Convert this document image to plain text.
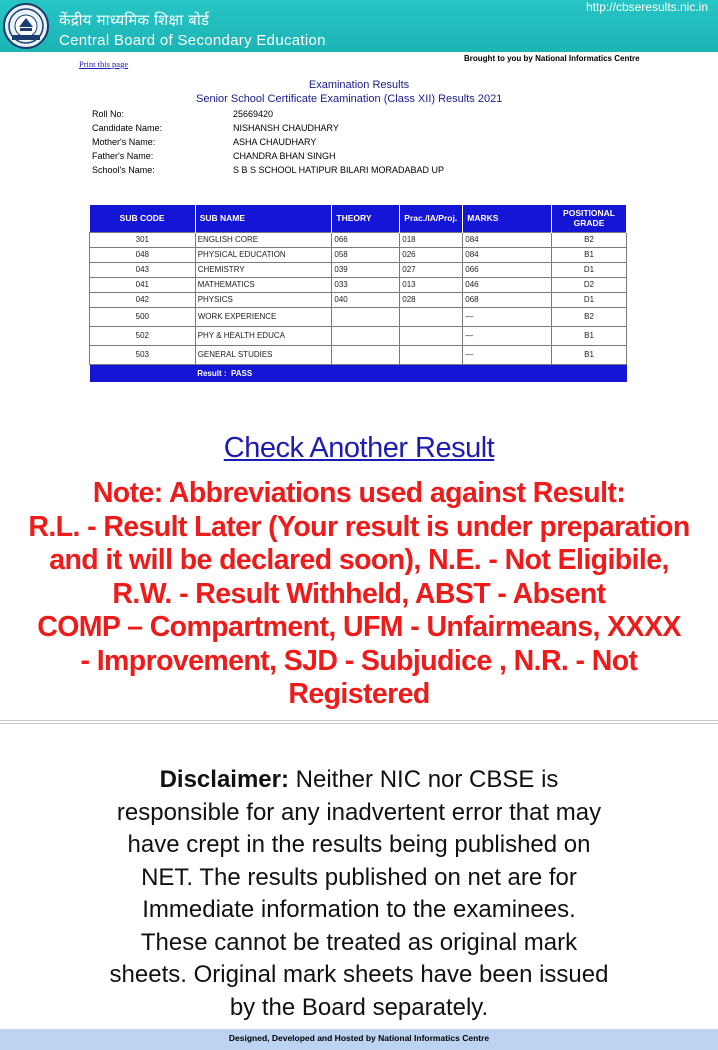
केंद्रीय माध्यमिक शिक्षा बोर्ड
Central Board of Secondary Education
http://cbseresults.nic.in
Print this page
Brought to you by National Informatics Centre
Examination Results
Senior School Certificate Examination (Class XII) Results 2021
Roll No:	25669420
Candidate Name:	NISHANSH CHAUDHARY
Mother's Name:	ASHA CHAUDHARY
Father's Name:	CHANDRA BHAN SINGH
School's Name:	S B S SCHOOL HATIPUR BILARI MORADABAD UP
SUB CODE	SUB NAME	THEORY	Prac./IA/Proj.	MARKS	POSITIONAL
GRADE

301	ENGLISH CORE	066	018	084	B2
048	PHYSICAL EDUCATION	058	026	084	B1
043	CHEMISTRY	039	027	066	D1
041	MATHEMATICS	033	013	046	D2
042	PHYSICS	040	028	068	D1
500	WORK EXPERIENCE			—	B2
502	PHY & HEALTH EDUCA			—	B1
503	GENERAL STUDIES			—	B1
	Result : PASS				
Check Another Result
Note: Abbreviations used against Result:
R.L. - Result Later (Your result is under preparation
and it will be declared soon), N.E. - Not Eligibile,
R.W. - Result Withheld, ABST - Absent
COMP – Compartment, UFM - Unfairmeans, XXXX
- Improvement, SJD - Subjudice , N.R. - Not
Registered
Disclaimer: Neither NIC nor CBSE is
responsible for any inadvertent error that may
have crept in the results being published on
NET. The results published on net are for
Immediate information to the examinees.
These cannot be treated as original mark
sheets. Original mark sheets have been issued
by the Board separately.
Designed, Developed and Hosted by National Informatics Centre
